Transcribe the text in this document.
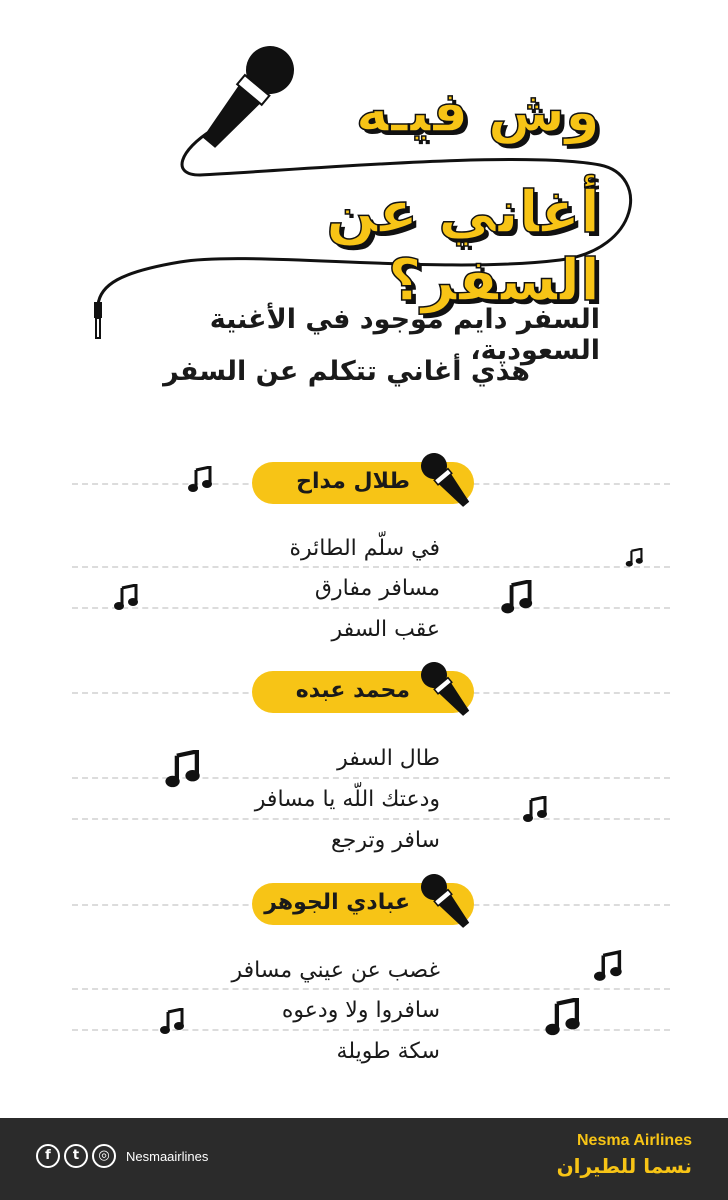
وش فيـه
أغاني عن السفر؟
السفر دايم موجود في الأغنية السعودية،
هذي أغاني تتكلم عن السفر
طلال مداح
في سلّم الطائرة
مسافر مفارق
عقب السفر
محمد عبده
طال السفر
ودعتك اللّه يا مسافر
سافر وترجع
عبادي الجوهر
غصب عن عيني مسافر
سافروا ولا ودعوه
سكة طويلة
f	t	◎	Nesmaairlines
Nesma Airlines
نسما للطيران
